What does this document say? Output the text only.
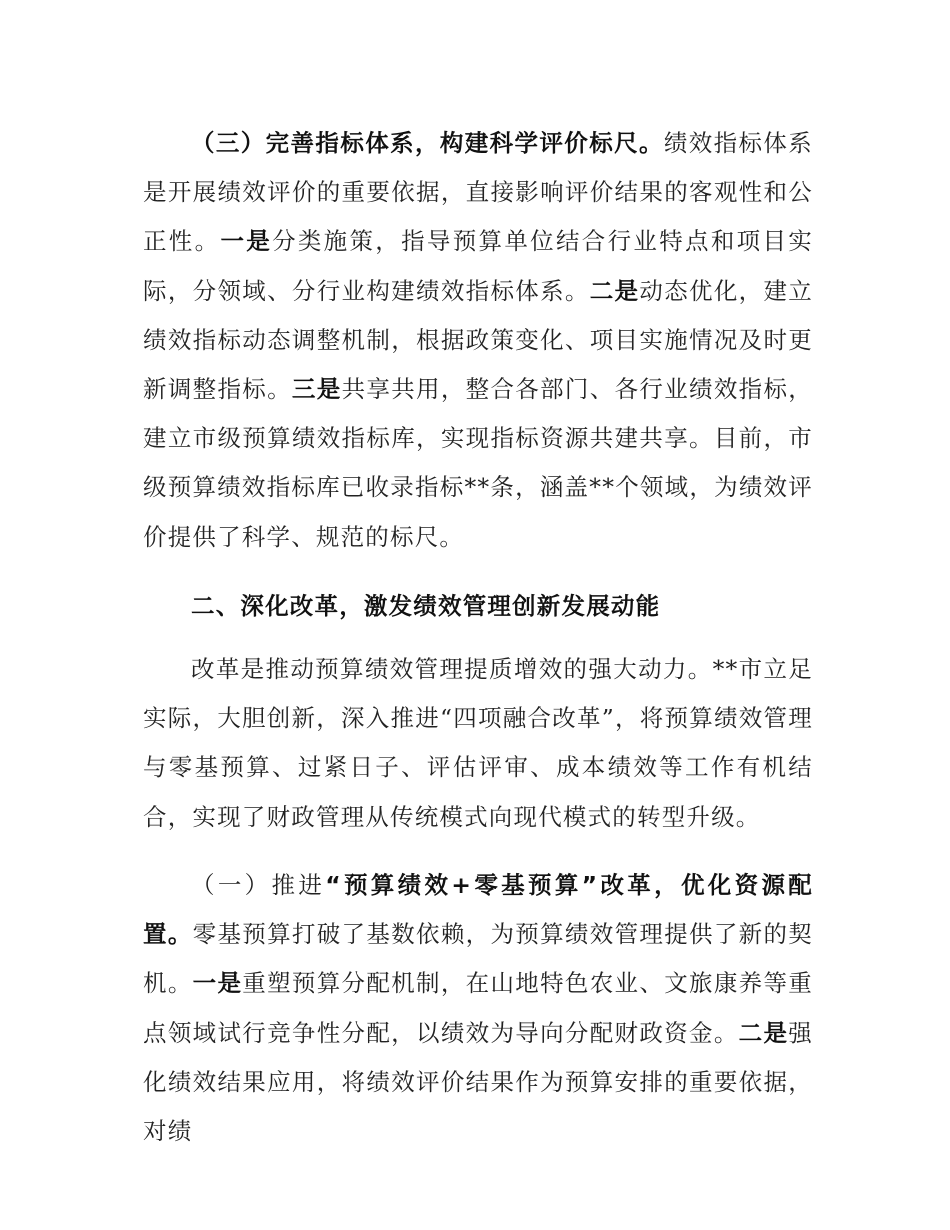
（三）完善指标体系，构建科学评价标尺。绩效指标体系是开展绩效评价的重要依据，直接影响评价结果的客观性和公正性。一是分类施策，指导预算单位结合行业特点和项目实际，分领域、分行业构建绩效指标体系。二是动态优化，建立绩效指标动态调整机制，根据政策变化、项目实施情况及时更新调整指标。三是共享共用，整合各部门、各行业绩效指标，建立市级预算绩效指标库，实现指标资源共建共享。目前，市级预算绩效指标库已收录指标**条，涵盖**个领域，为绩效评价提供了科学、规范的标尺。

二、深化改革，激发绩效管理创新发展动能

改革是推动预算绩效管理提质增效的强大动力。**市立足实际，大胆创新，深入推进“四项融合改革”，将预算绩效管理与零基预算、过紧日子、评估评审、成本绩效等工作有机结合，实现了财政管理从传统模式向现代模式的转型升级。

（一）推进“预算绩效+零基预算”改革，优化资源配置。零基预算打破了基数依赖，为预算绩效管理提供了新的契机。一是重塑预算分配机制，在山地特色农业、文旅康养等重点领域试行竞争性分配，以绩效为导向分配财政资金。二是强化绩效结果应用，将绩效评价结果作为预算安排的重要依据，对绩
